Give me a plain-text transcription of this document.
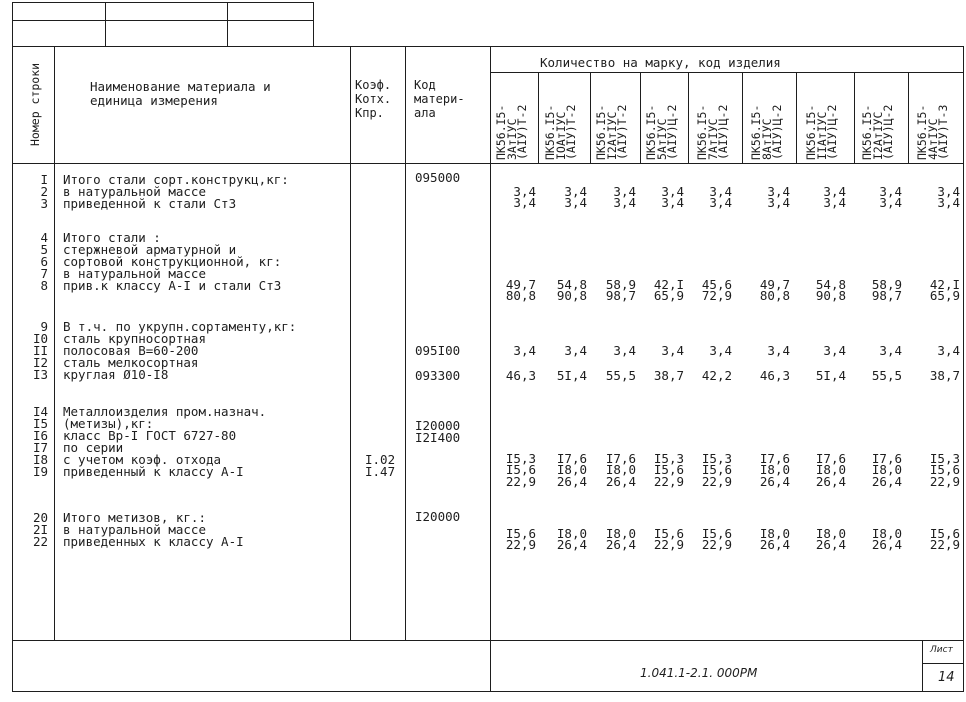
Номер строки	Наименование материала и
единица измерения
Коэф.
Котх.
Кпр.
Код
матери-
ала
Количество на марку, код изделия
ПК56.I5-
3АтIУС
(АIУ)Т-2 ПК56.I5-
IОАтIУС
(АIУ)Т-2 ПК56.I5-
I2АтIУС
(АIУ)Т-2 ПК56.I5-
5АтIУС
(АIУ)Ц-2 ПК56.I5-
7АтIУС
(АIУ)Ц-2 ПК56.I5-
8АтIУС
(АIУ)Ц-2 ПК56.I5-
IIАтIУС
(АIУ)Ц-2 ПК56.I5-
I2АтIУС
(АIУ)Ц-2 ПК56.I5-
4АтIУС
(АIУ)Т-3
I
2
3
Итого стали сорт.конструкц,кг:
в натуральной массе
приведенной к стали Ст3
095000

3,4
3,4

3,4
3,4

3,4
3,4

3,4
3,4

3,4
3,4

3,4
3,4

3,4
3,4

3,4
3,4

3,4
3,4
4
5
6
7
8
Итого стали :
стержневой арматурной и
сортовой конструкционной, кг:
в натуральной массе
прив.к классу А-I и стали Ст3	

49,7
80,8

54,8
90,8

58,9
98,7

42,I
65,9

45,6
72,9

49,7
80,8

54,8
90,8

58,9
98,7

42,I
65,9
9
I0
II
I2
I3
В т.ч. по укрупн.сортаменту,кг:
сталь крупносортная
полосовая В=60-200
сталь мелкосортная
круглая Ø10-I8

095I00

093300

3,4

46,3

3,4

5I,4

3,4

55,5

3,4

38,7

3,4

42,2

3,4

46,3

3,4

5I,4

3,4

55,5

3,4

38,7
I4
I5
I6
I7
I8
I9
Металлоизделия пром.назнач.
(метизы),кг:
класс Вр-I ГОСТ 6727-80
по серии
с учетом коэф. отхода
приведенный к классу А-I

I.02
I.47
I20000
I2I400

I5,3
I5,6
22,9

I7,6
I8,0
26,4

I7,6
I8,0
26,4

I5,3
I5,6
22,9

I5,3
I5,6
22,9

I7,6
I8,0
26,4

I7,6
I8,0
26,4

I7,6
I8,0
26,4

I5,3
I5,6
22,9
20
2I
22
Итого метизов, кг.:
в натуральной массе
приведенных к классу А-I
I20000

I5,6
22,9

I8,0
26,4

I8,0
26,4

I5,6
22,9

I5,6
22,9

I8,0
26,4

I8,0
26,4

I8,0
26,4

I5,6
22,9
1.041.1-2.1. 000PM
Лист
14
